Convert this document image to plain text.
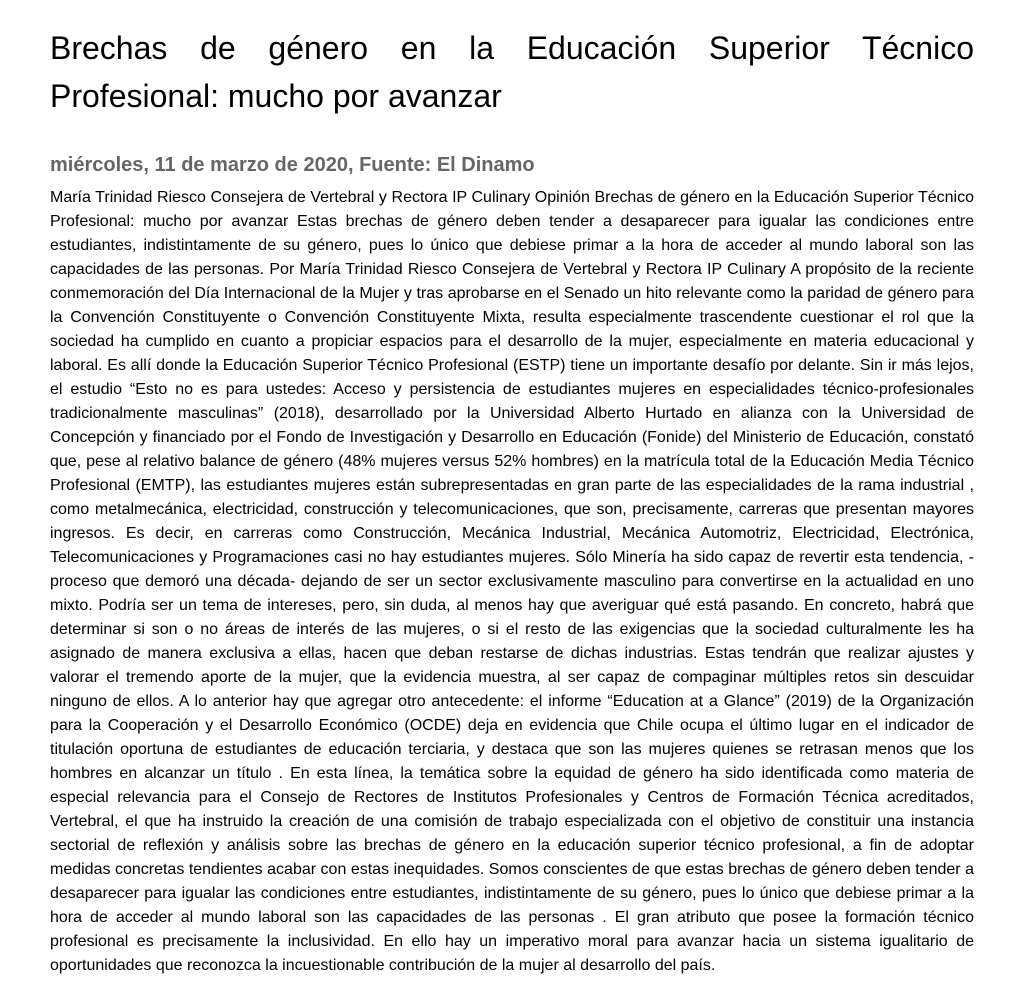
Brechas de género en la Educación Superior Técnico Profesional: mucho por avanzar

miércoles, 11 de marzo de 2020, Fuente: El Dinamo

María Trinidad Riesco Consejera de Vertebral y Rectora IP Culinary Opinión Brechas de género en la Educación Superior Técnico Profesional: mucho por avanzar Estas brechas de género deben tender a desaparecer para igualar las condiciones entre estudiantes, indistintamente de su género, pues lo único que debiese primar a la hora de acceder al mundo laboral son las capacidades de las personas. Por María Trinidad Riesco Consejera de Vertebral y Rectora IP Culinary A propósito de la reciente conmemoración del Día Internacional de la Mujer y tras aprobarse en el Senado un hito relevante como la paridad de género para la Convención Constituyente o Convención Constituyente Mixta, resulta especialmente trascendente cuestionar el rol que la sociedad ha cumplido en cuanto a propiciar espacios para el desarrollo de la mujer, especialmente en materia educacional y laboral. Es allí donde la Educación Superior Técnico Profesional (ESTP) tiene un importante desafío por delante. Sin ir más lejos, el estudio “Esto no es para ustedes: Acceso y persistencia de estudiantes mujeres en especialidades técnico-profesionales tradicionalmente masculinas” (2018), desarrollado por la Universidad Alberto Hurtado en alianza con la Universidad de Concepción y financiado por el Fondo de Investigación y Desarrollo en Educación (Fonide) del Ministerio de Educación, constató que, pese al relativo balance de género (48% mujeres versus 52% hombres) en la matrícula total de la Educación Media Técnico Profesional (EMTP), las estudiantes mujeres están subrepresentadas en gran parte de las especialidades de la rama industrial , como metalmecánica, electricidad, construcción y telecomunicaciones, que son, precisamente, carreras que presentan mayores ingresos. Es decir, en carreras como Construcción, Mecánica Industrial, Mecánica Automotriz, Electricidad, Electrónica, Telecomunicaciones y Programaciones casi no hay estudiantes mujeres. Sólo Minería ha sido capaz de revertir esta tendencia, -proceso que demoró una década- dejando de ser un sector exclusivamente masculino para convertirse en la actualidad en uno mixto. Podría ser un tema de intereses, pero, sin duda, al menos hay que averiguar qué está pasando. En concreto, habrá que determinar si son o no áreas de interés de las mujeres, o si el resto de las exigencias que la sociedad culturalmente les ha asignado de manera exclusiva a ellas, hacen que deban restarse de dichas industrias. Estas tendrán que realizar ajustes y valorar el tremendo aporte de la mujer, que la evidencia muestra, al ser capaz de compaginar múltiples retos sin descuidar ninguno de ellos. A lo anterior hay que agregar otro antecedente: el informe “Education at a Glance” (2019) de la Organización para la Cooperación y el Desarrollo Económico (OCDE) deja en evidencia que Chile ocupa el último lugar en el indicador de titulación oportuna de estudiantes de educación terciaria, y destaca que son las mujeres quienes se retrasan menos que los hombres en alcanzar un título . En esta línea, la temática sobre la equidad de género ha sido identificada como materia de especial relevancia para el Consejo de Rectores de Institutos Profesionales y Centros de Formación Técnica acreditados, Vertebral, el que ha instruido la creación de una comisión de trabajo especializada con el objetivo de constituir una instancia sectorial de reflexión y análisis sobre las brechas de género en la educación superior técnico profesional, a fin de adoptar medidas concretas tendientes acabar con estas inequidades. Somos conscientes de que estas brechas de género deben tender a desaparecer para igualar las condiciones entre estudiantes, indistintamente de su género, pues lo único que debiese primar a la hora de acceder al mundo laboral son las capacidades de las personas . El gran atributo que posee la formación técnico profesional es precisamente la inclusividad. En ello hay un imperativo moral para avanzar hacia un sistema igualitario de oportunidades que reconozca la incuestionable contribución de la mujer al desarrollo del país.
